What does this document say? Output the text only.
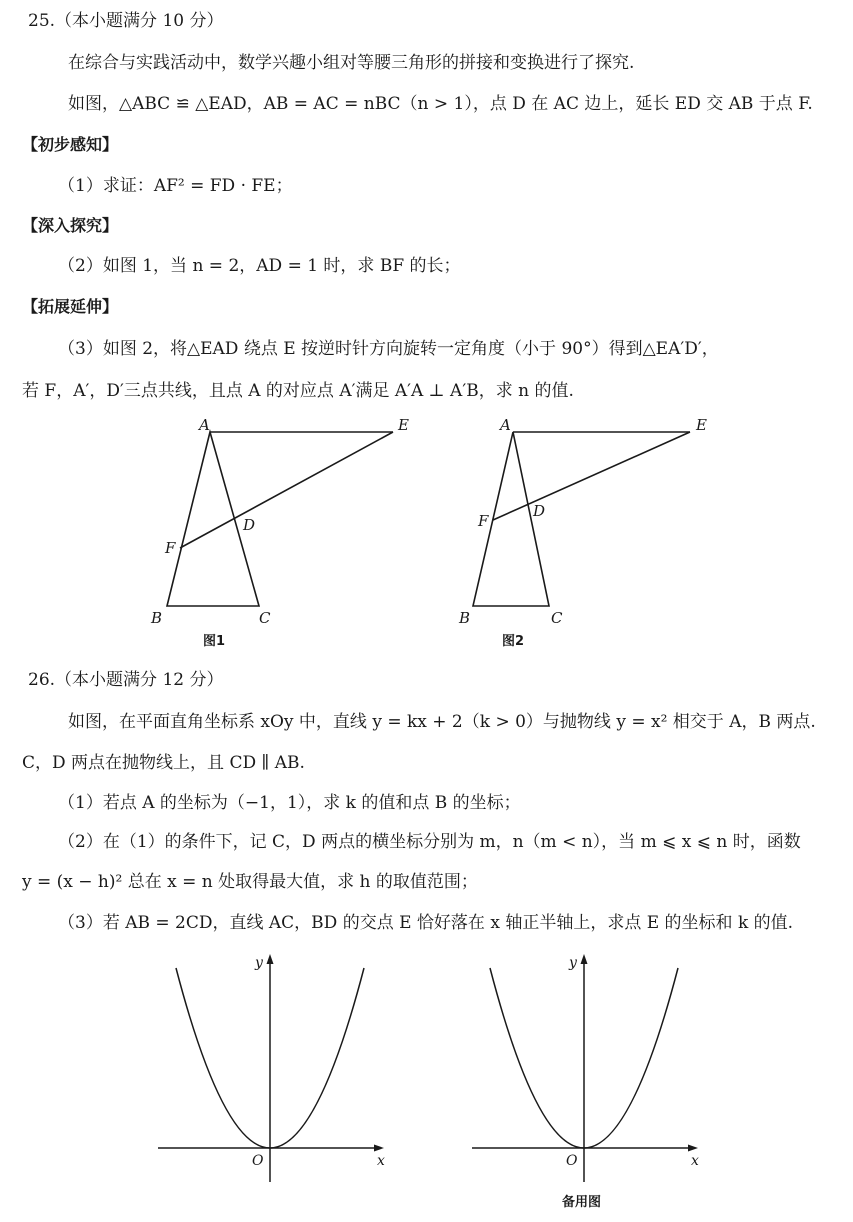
25.（本小题满分 10 分）
在综合与实践活动中，数学兴趣小组对等腰三角形的拼接和变换进行了探究.
如图，△ABC ≌ △EAD，AB = AC = nBC（n > 1），点 D 在 AC 边上，延长 ED 交 AB 于点 F.
【初步感知】
（1）求证：AF² = FD · FE；
【深入探究】
（2）如图 1，当 n = 2，AD = 1 时，求 BF 的长；
【拓展延伸】
（3）如图 2，将△EAD 绕点 E 按逆时针方向旋转一定角度（小于 90°）得到△EA′D′，
若 F，A′，D′三点共线，且点 A 的对应点 A′满足 A′A ⊥ A′B，求 n 的值.
26.（本小题满分 12 分）
如图，在平面直角坐标系 xOy 中，直线 y = kx + 2（k > 0）与抛物线 y = x² 相交于 A，B 两点.
C，D 两点在抛物线上，且 CD ∥ AB.
（1）若点 A 的坐标为（−1，1），求 k 的值和点 B 的坐标；
（2）在（1）的条件下，记 C，D 两点的横坐标分别为 m，n（m < n），当 m ⩽ x ⩽ n 时，函数
y = (x − h)² 总在 x = n 处取得最大值，求 h 的取值范围；
（3）若 AB = 2CD，直线 AC，BD 的交点 E 恰好落在 x 轴正半轴上，求点 E 的坐标和 k 的值.
A	E
D
F
B	C
图1
A	E
D
F
B	C
图2
y
x
O
y
x
O
备用图
